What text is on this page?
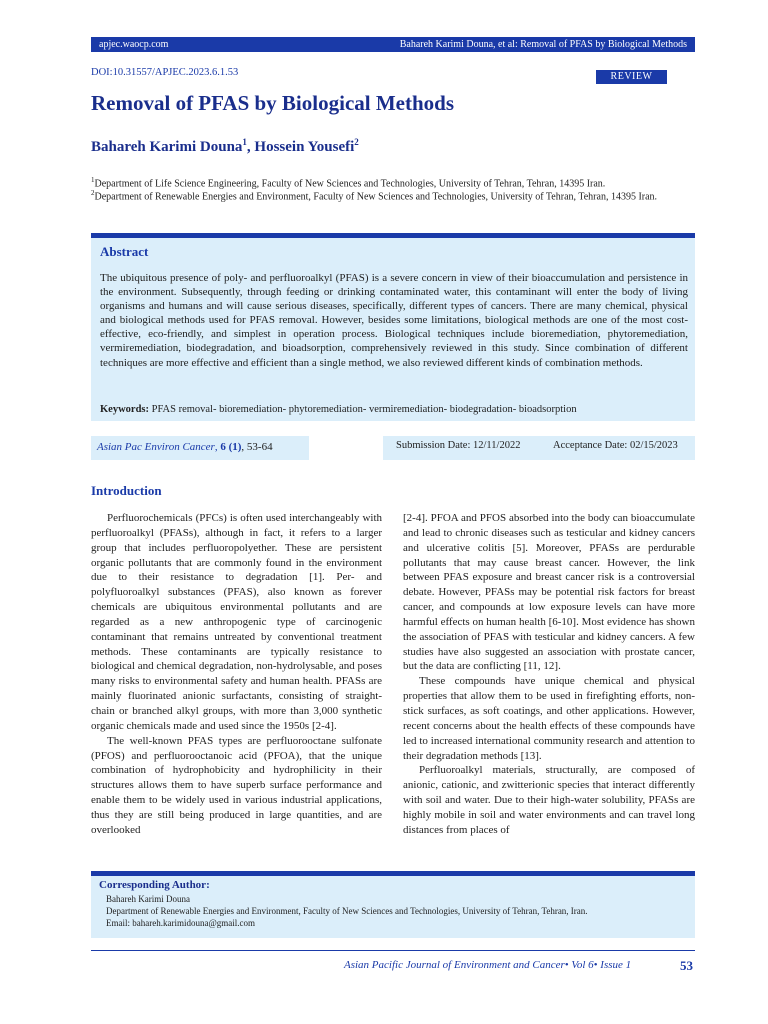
apjec.waocp.com	Bahareh Karimi Douna, et al: Removal of PFAS by Biological Methods
DOI:10.31557/APJEC.2023.6.1.53	REVIEW
Removal of PFAS by Biological Methods
Bahareh Karimi Douna$^1$, Hossein Yousefi$^2$
$^1$Department of Life Science Engineering, Faculty of New Sciences and Technologies, University of Tehran, Tehran, 14395 Iran.
$^2$Department of Renewable Energies and Environment, Faculty of New Sciences and Technologies, University of Tehran, Tehran, 14395 Iran.
Abstract
The ubiquitous presence of poly- and perfluoroalkyl (PFAS) is a severe concern in view of their bioaccumulation and persistence in the environment. Subsequently, through feeding or drinking contaminated water, this contaminant will enter the body of living organisms and humans and will cause serious diseases, specifically, different types of cancers. There are many chemical, physical and biological methods used for PFAS removal. However, besides some limitations, biological methods are one of the most cost-effective, eco-friendly, and simplest in operation process. Biological techniques include bioremediation, phytoremediation, vermiremediation, biodegradation, and bioadsorption, comprehensively reviewed in this study. Since combination of different techniques are more effective and efficient than a single method, we also reviewed different kinds of combination methods.
Keywords: PFAS removal- bioremediation- phytoremediation- vermiremediation- biodegradation- bioadsorption
Asian Pac Environ Cancer, 6 (1), 53-64	Submission Date: 12/11/2022	Acceptance Date: 02/15/2023
Introduction

Perfluorochemicals (PFCs) is often used interchangeably with perfluoroalkyl (PFASs), although in fact, it refers to a larger group that includes perfluoropolyether. These are persistent organic pollutants that are commonly found in the environment due to their resistance to degradation [1]. Per- and polyfluoroalkyl substances (PFAS), also known as forever chemicals are ubiquitous environmental pollutants and are regarded as a new anthropogenic type of carcinogenic contaminant that remains untreated by conventional treatment methods. These contaminants are typically resistance to biological and chemical degradation, non-hydrolysable, and poses many risks to environmental safety and human health. PFASs are mainly fluorinated anionic surfactants, consisting of straight-chain or branched alkyl groups, with more than 3,000 synthetic organic chemicals made and used since the 1950s [2-4].

The well-known PFAS types are perfluorooctane sulfonate (PFOS) and perfluorooctanoic acid (PFOA), that the unique combination of hydrophobicity and hydrophilicity in their structures allows them to have superb surface performance and enable them to be widely used in various industrial applications, thus they are still being produced in large quantities, and are overlooked

[2-4]. PFOA and PFOS absorbed into the body can bioaccumulate and lead to chronic diseases such as testicular and kidney cancers and ulcerative colitis [5]. Moreover, PFASs are perdurable pollutants that may cause breast cancer. However, the link between PFAS exposure and breast cancer risk is a controversial debate. However, PFASs may be potential risk factors for breast cancer, and compounds at low exposure levels can have more harmful effects on human health [6-10]. Most evidence has shown the association of PFAS with testicular and kidney cancers. A few studies have also suggested an association with prostate cancer, but the data are conflicting [11, 12].

These compounds have unique chemical and physical properties that allow them to be used in firefighting efforts, non-stick surfaces, as soft coatings, and other applications. However, recent concerns about the health effects of these compounds have led to increased international community research and attention to their degradation methods [13].

Perfluoroalkyl materials, structurally, are composed of anionic, cationic, and zwitterionic species that interact differently with soil and water. Due to their high-water solubility, PFASs are highly mobile in soil and water environments and can travel long distances from places of

Corresponding Author:
Bahareh Karimi Douna
Department of Renewable Energies and Environment, Faculty of New Sciences and Technologies, University of Tehran, Tehran, Iran.
Email: bahareh.karimidouna@gmail.com
Asian Pacific Journal of Environment and Cancer• Vol 6• Issue 1	53
